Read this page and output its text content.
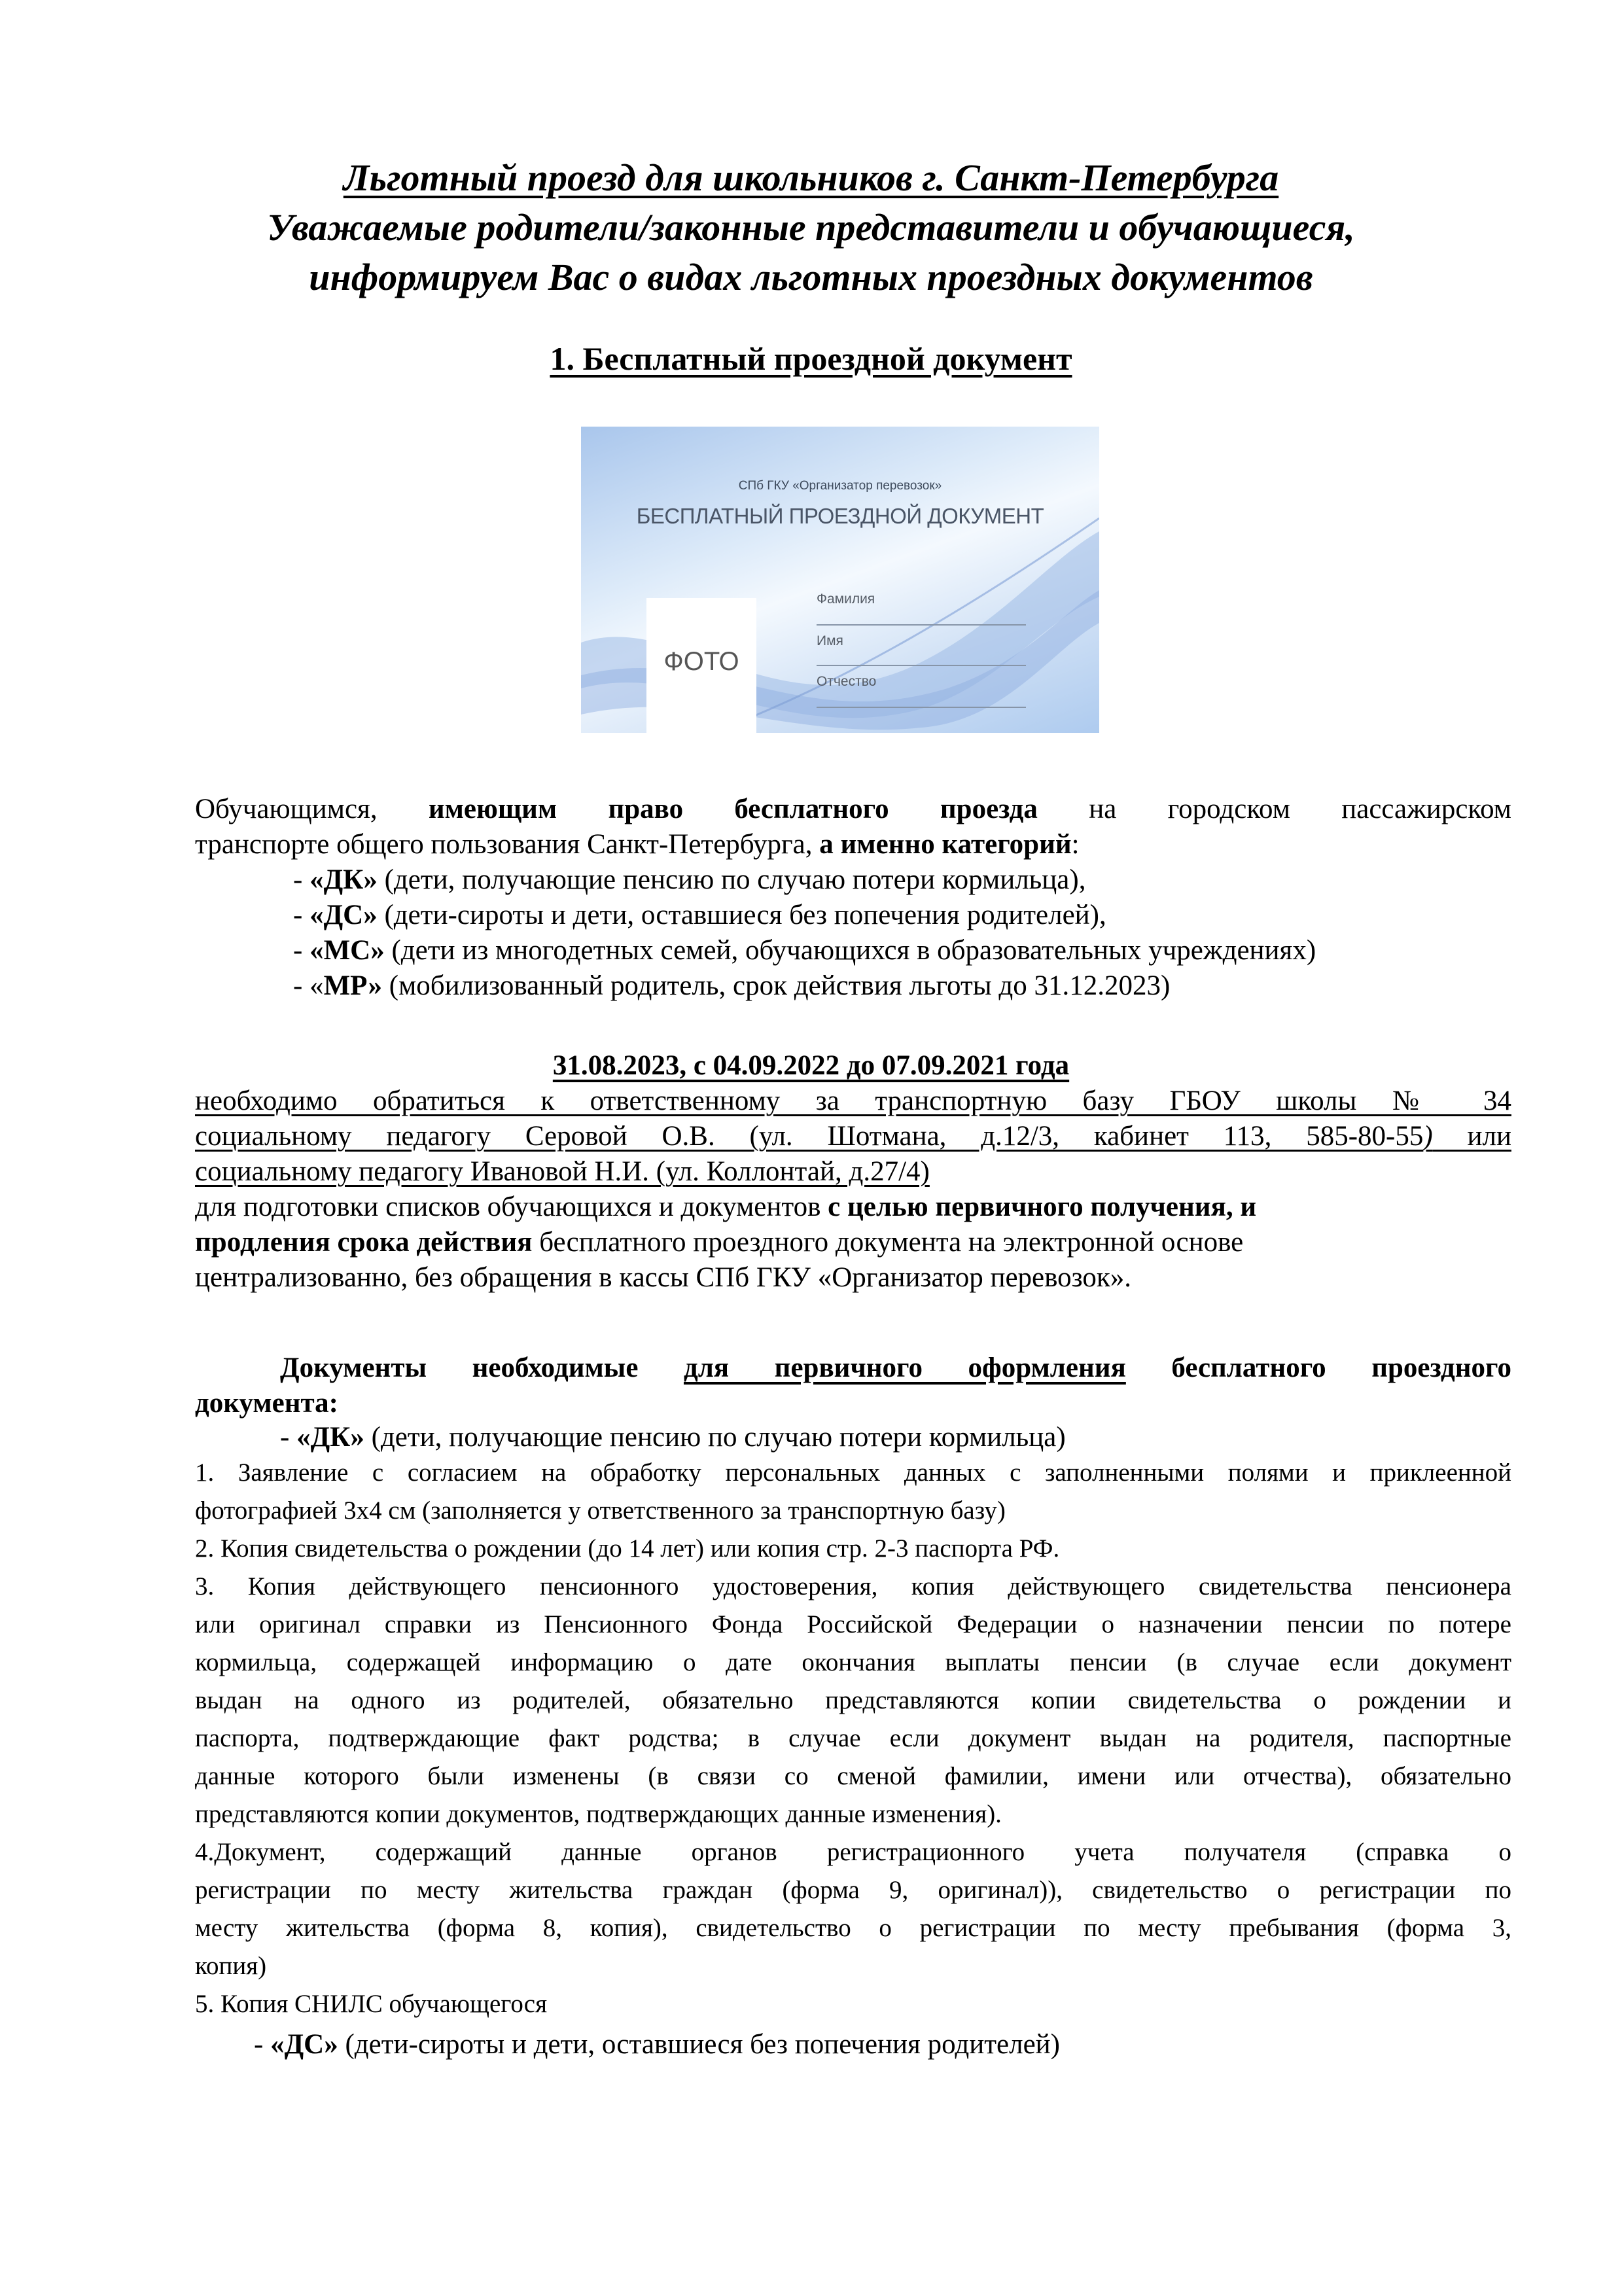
Льготный проезд для школьников г. Санкт-Петербурга
Уважаемые родители/законные представители и обучающиеся,
информируем Вас о видах льготных проездных документов
1. Бесплатный проездной документ
СПб ГКУ «Организатор перевозок»
БЕСПЛАТНЫЙ ПРОЕЗДНОЙ ДОКУМЕНТ
ФОТО
Фамилия
Имя
Отчество
Обучающимся, имеющим право бесплатного проезда на городском пассажирском
транспорте общего пользования Санкт-Петербурга, а именно категорий:
- «ДК» (дети, получающие пенсию по случаю потери кормильца),
- «ДС» (дети-сироты и дети, оставшиеся без попечения родителей),
- «МС» (дети из многодетных семей, обучающихся в образовательных учреждениях)
- «МР» (мобилизованный родитель, срок действия льготы до 31.12.2023)
31.08.2023, с 04.09.2022 до 07.09.2021 года
необходимо обратиться к ответственному за транспортную базу ГБОУ школы № 34
социальному педагогу Серовой О.В. (ул. Шотмана, д.12/3, кабинет 113, 585-80-55) или
социальному педагогу Ивановой Н.И. (ул. Коллонтай, д.27/4)
для подготовки списков обучающихся и документов с целью первичного получения, и
продления срока действия бесплатного проездного документа на электронной основе
централизованно, без обращения в кассы СПб ГКУ «Организатор перевозок».
Документы необходимые для первичного оформления бесплатного проездного
документа:
- «ДК» (дети, получающие пенсию по случаю потери кормильца)
1. Заявление с согласием на обработку персональных данных с заполненными полями и приклеенной
фотографией 3х4 см (заполняется у ответственного за транспортную базу)
2. Копия свидетельства о рождении (до 14 лет) или копия стр. 2-3 паспорта РФ.
3. Копия действующего пенсионного удостоверения, копия действующего свидетельства пенсионера
или оригинал справки из Пенсионного Фонда Российской Федерации о назначении пенсии по потере
кормильца, содержащей информацию о дате окончания выплаты пенсии (в случае если документ
выдан на одного из родителей, обязательно представляются копии свидетельства о рождении и
паспорта, подтверждающие факт родства; в случае если документ выдан на родителя, паспортные
данные которого были изменены (в связи со сменой фамилии, имени или отчества), обязательно
представляются копии документов, подтверждающих данные изменения).
4.Документ, содержащий данные органов регистрационного учета получателя (справка о
регистрации по месту жительства граждан (форма 9, оригинал)), свидетельство о регистрации по
месту жительства (форма 8, копия), свидетельство о регистрации по месту пребывания (форма 3,
копия)
5. Копия СНИЛС обучающегося
- «ДС» (дети-сироты и дети, оставшиеся без попечения родителей)
